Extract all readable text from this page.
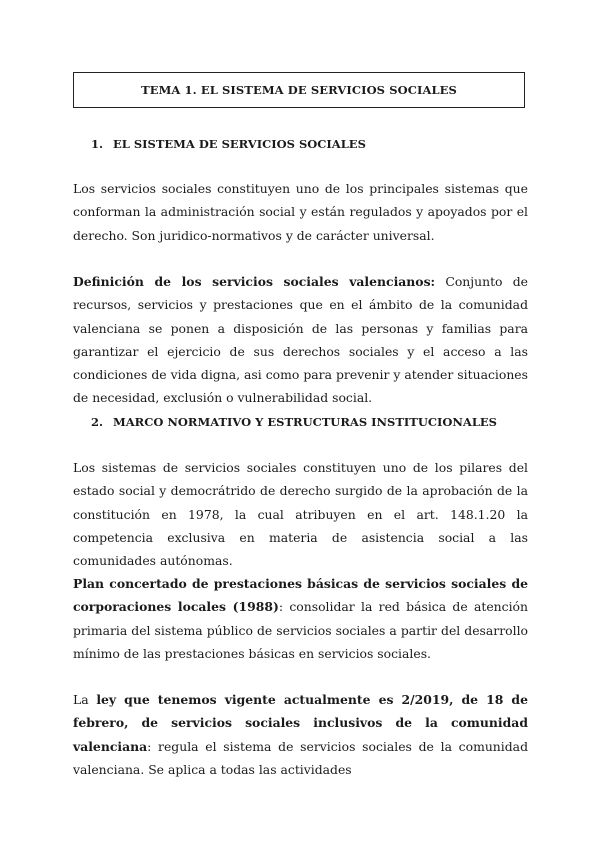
TEMA 1. EL SISTEMA DE SERVICIOS SOCIALES
1. EL SISTEMA DE SERVICIOS SOCIALES

Los servicios sociales constituyen uno de los principales sistemas que conforman la administración social y están regulados y apoyados por el derecho. Son juridico-normativos y de carácter universal.

Definición de los servicios sociales valencianos: Conjunto de recursos, servicios y prestaciones que en el ámbito de la comunidad valenciana se ponen a disposición de las personas y familias para garantizar el ejercicio de sus derechos sociales y el acceso a las condiciones de vida digna, asi como para prevenir y atender situaciones de necesidad, exclusión o vulnerabilidad social.

2. MARCO NORMATIVO Y ESTRUCTURAS INSTITUCIONALES

Los sistemas de servicios sociales constituyen uno de los pilares del estado social y democrátrido de derecho surgido de la aprobación de la constitución en 1978, la cual atribuyen en el art. 148.1.20 la competencia exclusiva en materia de asistencia social a las comunidades autónomas.

Plan concertado de prestaciones básicas de servicios sociales de corporaciones locales (1988): consolidar la red básica de atención primaria del sistema público de servicios sociales a partir del desarrollo mínimo de las prestaciones básicas en servicios sociales.

La ley que tenemos vigente actualmente es 2/2019, de 18 de febrero, de servicios sociales inclusivos de la comunidad valenciana: regula el sistema de servicios sociales de la comunidad valenciana. Se aplica a todas las actividades
